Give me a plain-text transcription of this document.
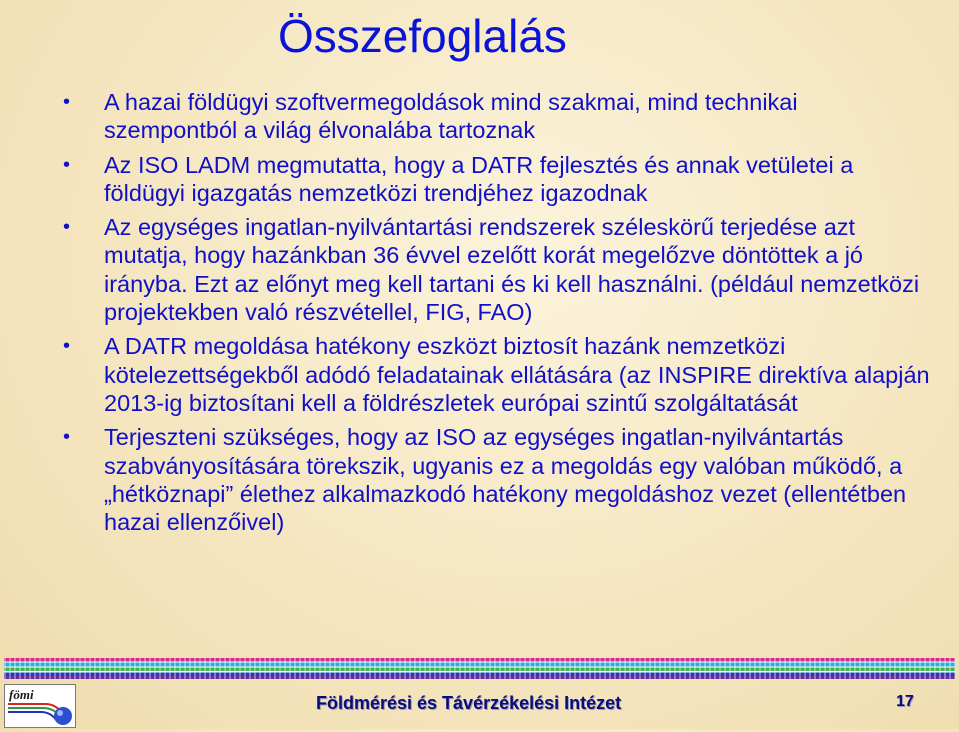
Összefoglalás
• A hazai földügyi szoftvermegoldások mind szakmai, mind technikai szempontból a világ élvonalába tartoznak
• Az ISO LADM megmutatta, hogy a DATR fejlesztés és annak vetületei a földügyi igazgatás nemzetközi trendjéhez igazodnak
• Az egységes ingatlan-nyilvántartási rendszerek széleskörű terjedése azt mutatja, hogy hazánkban 36 évvel ezelőtt korát megelőzve döntöttek a jó irányba. Ezt az előnyt meg kell tartani és ki kell használni. (például nemzetközi projektekben való részvétellel, FIG, FAO)
• A DATR megoldása hatékony eszközt biztosít hazánk nemzetközi kötelezettségekből adódó feladatainak ellátására (az INSPIRE direktíva alapján 2013-ig biztosítani kell a földrészletek európai szintű szolgáltatását
• Terjeszteni szükséges, hogy az ISO az egységes ingatlan-nyilvántartás szabványosítására törekszik, ugyanis ez a megoldás egy valóban működő, a „hétköznapi” élethez alkalmazkodó hatékony megoldáshoz vezet (ellentétben hazai ellenzőivel)
fömi	Földmérési és Távérzékelési Intézet	17
